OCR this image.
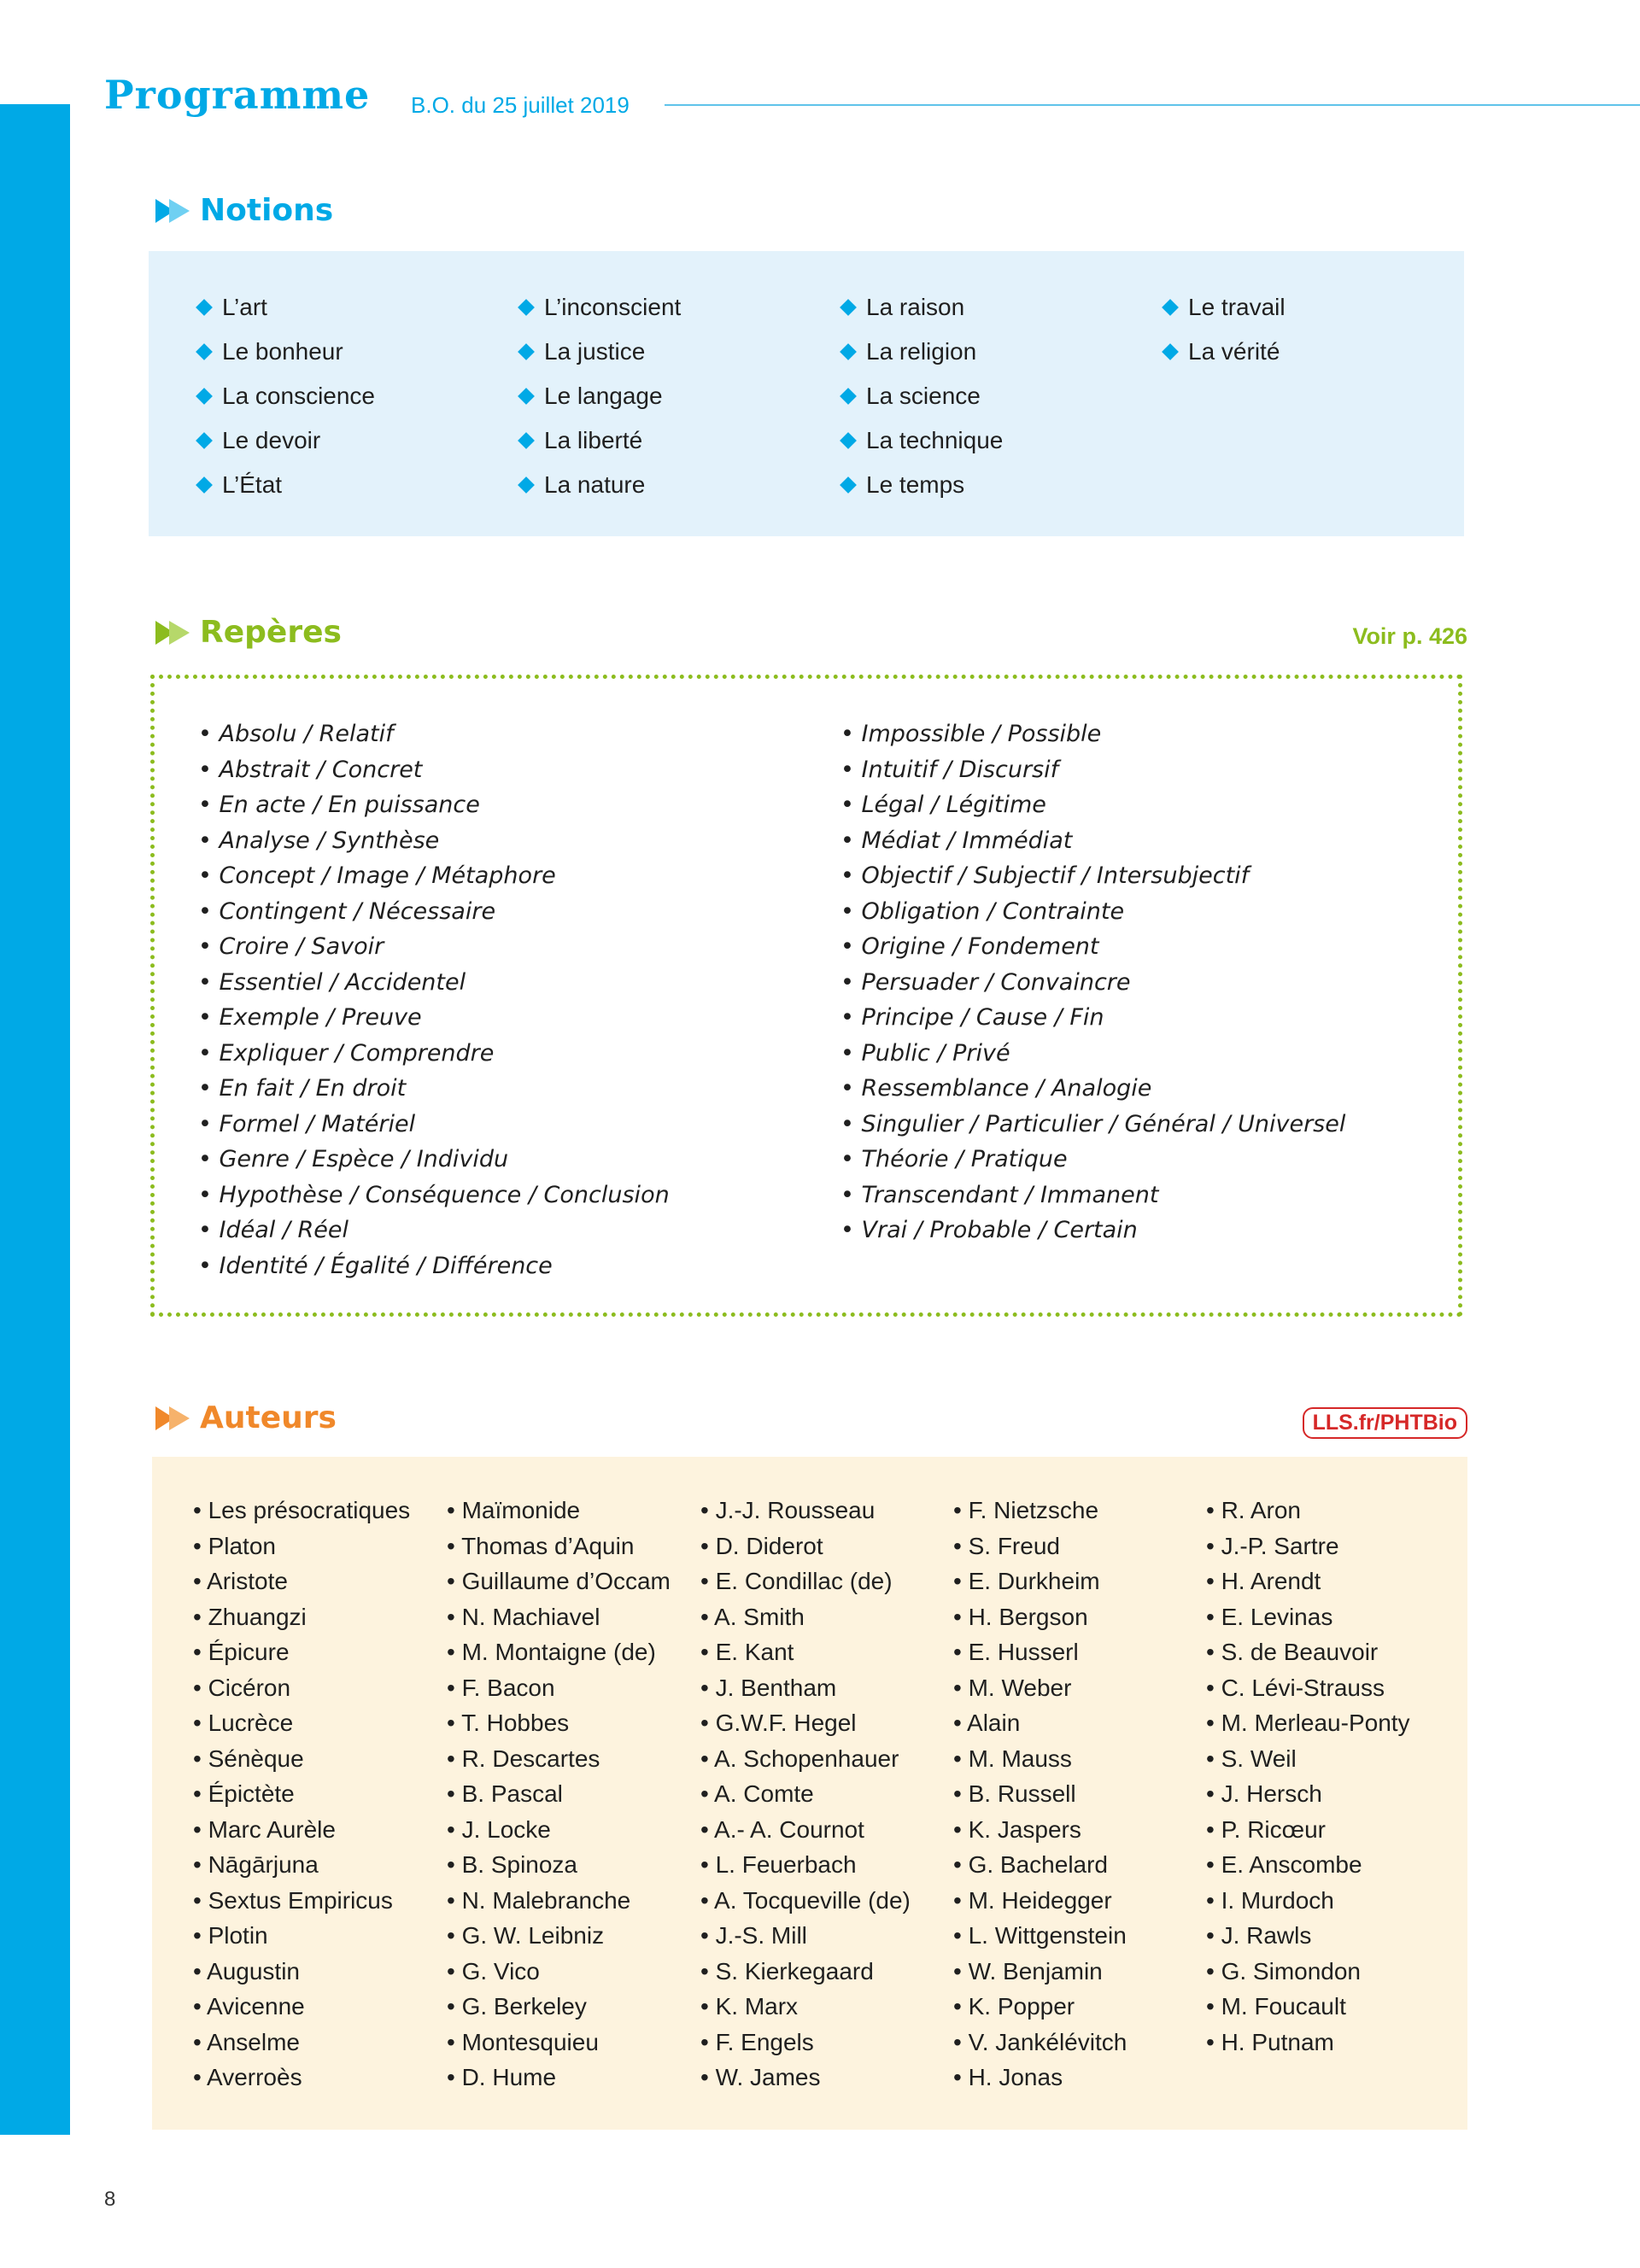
Programme B.O. du 25 juillet 2019
Notions
L’art
Le bonheur
La conscience
Le devoir
L’État
L’inconscient
La justice
Le langage
La liberté
La nature
La raison
La religion
La science
La technique
Le temps
Le travail
La vérité
Repères	Voir p. 426
• Absolu / Relatif
• Abstrait / Concret
• En acte / En puissance
• Analyse / Synthèse
• Concept / Image / Métaphore
• Contingent / Nécessaire
• Croire / Savoir
• Essentiel / Accidentel
• Exemple / Preuve
• Expliquer / Comprendre
• En fait / En droit
• Formel / Matériel
• Genre / Espèce / Individu
• Hypothèse / Conséquence / Conclusion
• Idéal / Réel
• Identité / Égalité / Différence
• Impossible / Possible
• Intuitif / Discursif
• Légal / Légitime
• Médiat / Immédiat
• Objectif / Subjectif / Intersubjectif
• Obligation / Contrainte
• Origine / Fondement
• Persuader / Convaincre
• Principe / Cause / Fin
• Public / Privé
• Ressemblance / Analogie
• Singulier / Particulier / Général / Universel
• Théorie / Pratique
• Transcendant / Immanent
• Vrai / Probable / Certain
Auteurs	LLS.fr/PHTBio
• Les présocratiques
• Platon
• Aristote
• Zhuangzi
• Épicure
• Cicéron
• Lucrèce
• Sénèque
• Épictète
• Marc Aurèle
• Nāgārjuna
• Sextus Empiricus
• Plotin
• Augustin
• Avicenne
• Anselme
• Averroès
• Maïmonide
• Thomas d’Aquin
• Guillaume d’Occam
• N. Machiavel
• M. Montaigne (de)
• F. Bacon
• T. Hobbes
• R. Descartes
• B. Pascal
• J. Locke
• B. Spinoza
• N. Malebranche
• G. W. Leibniz
• G. Vico
• G. Berkeley
• Montesquieu
• D. Hume
• J.-J. Rousseau
• D. Diderot
• E. Condillac (de)
• A. Smith
• E. Kant
• J. Bentham
• G.W.F. Hegel
• A. Schopenhauer
• A. Comte
• A.- A. Cournot
• L. Feuerbach
• A. Tocqueville (de)
• J.-S. Mill
• S. Kierkegaard
• K. Marx
• F. Engels
• W. James
• F. Nietzsche
• S. Freud
• E. Durkheim
• H. Bergson
• E. Husserl
• M. Weber
• Alain
• M. Mauss
• B. Russell
• K. Jaspers
• G. Bachelard
• M. Heidegger
• L. Wittgenstein
• W. Benjamin
• K. Popper
• V. Jankélévitch
• H. Jonas
• R. Aron
• J.-P. Sartre
• H. Arendt
• E. Levinas
• S. de Beauvoir
• C. Lévi-Strauss
• M. Merleau-Ponty
• S. Weil
• J. Hersch
• P. Ricœur
• E. Anscombe
• I. Murdoch
• J. Rawls
• G. Simondon
• M. Foucault
• H. Putnam
8
